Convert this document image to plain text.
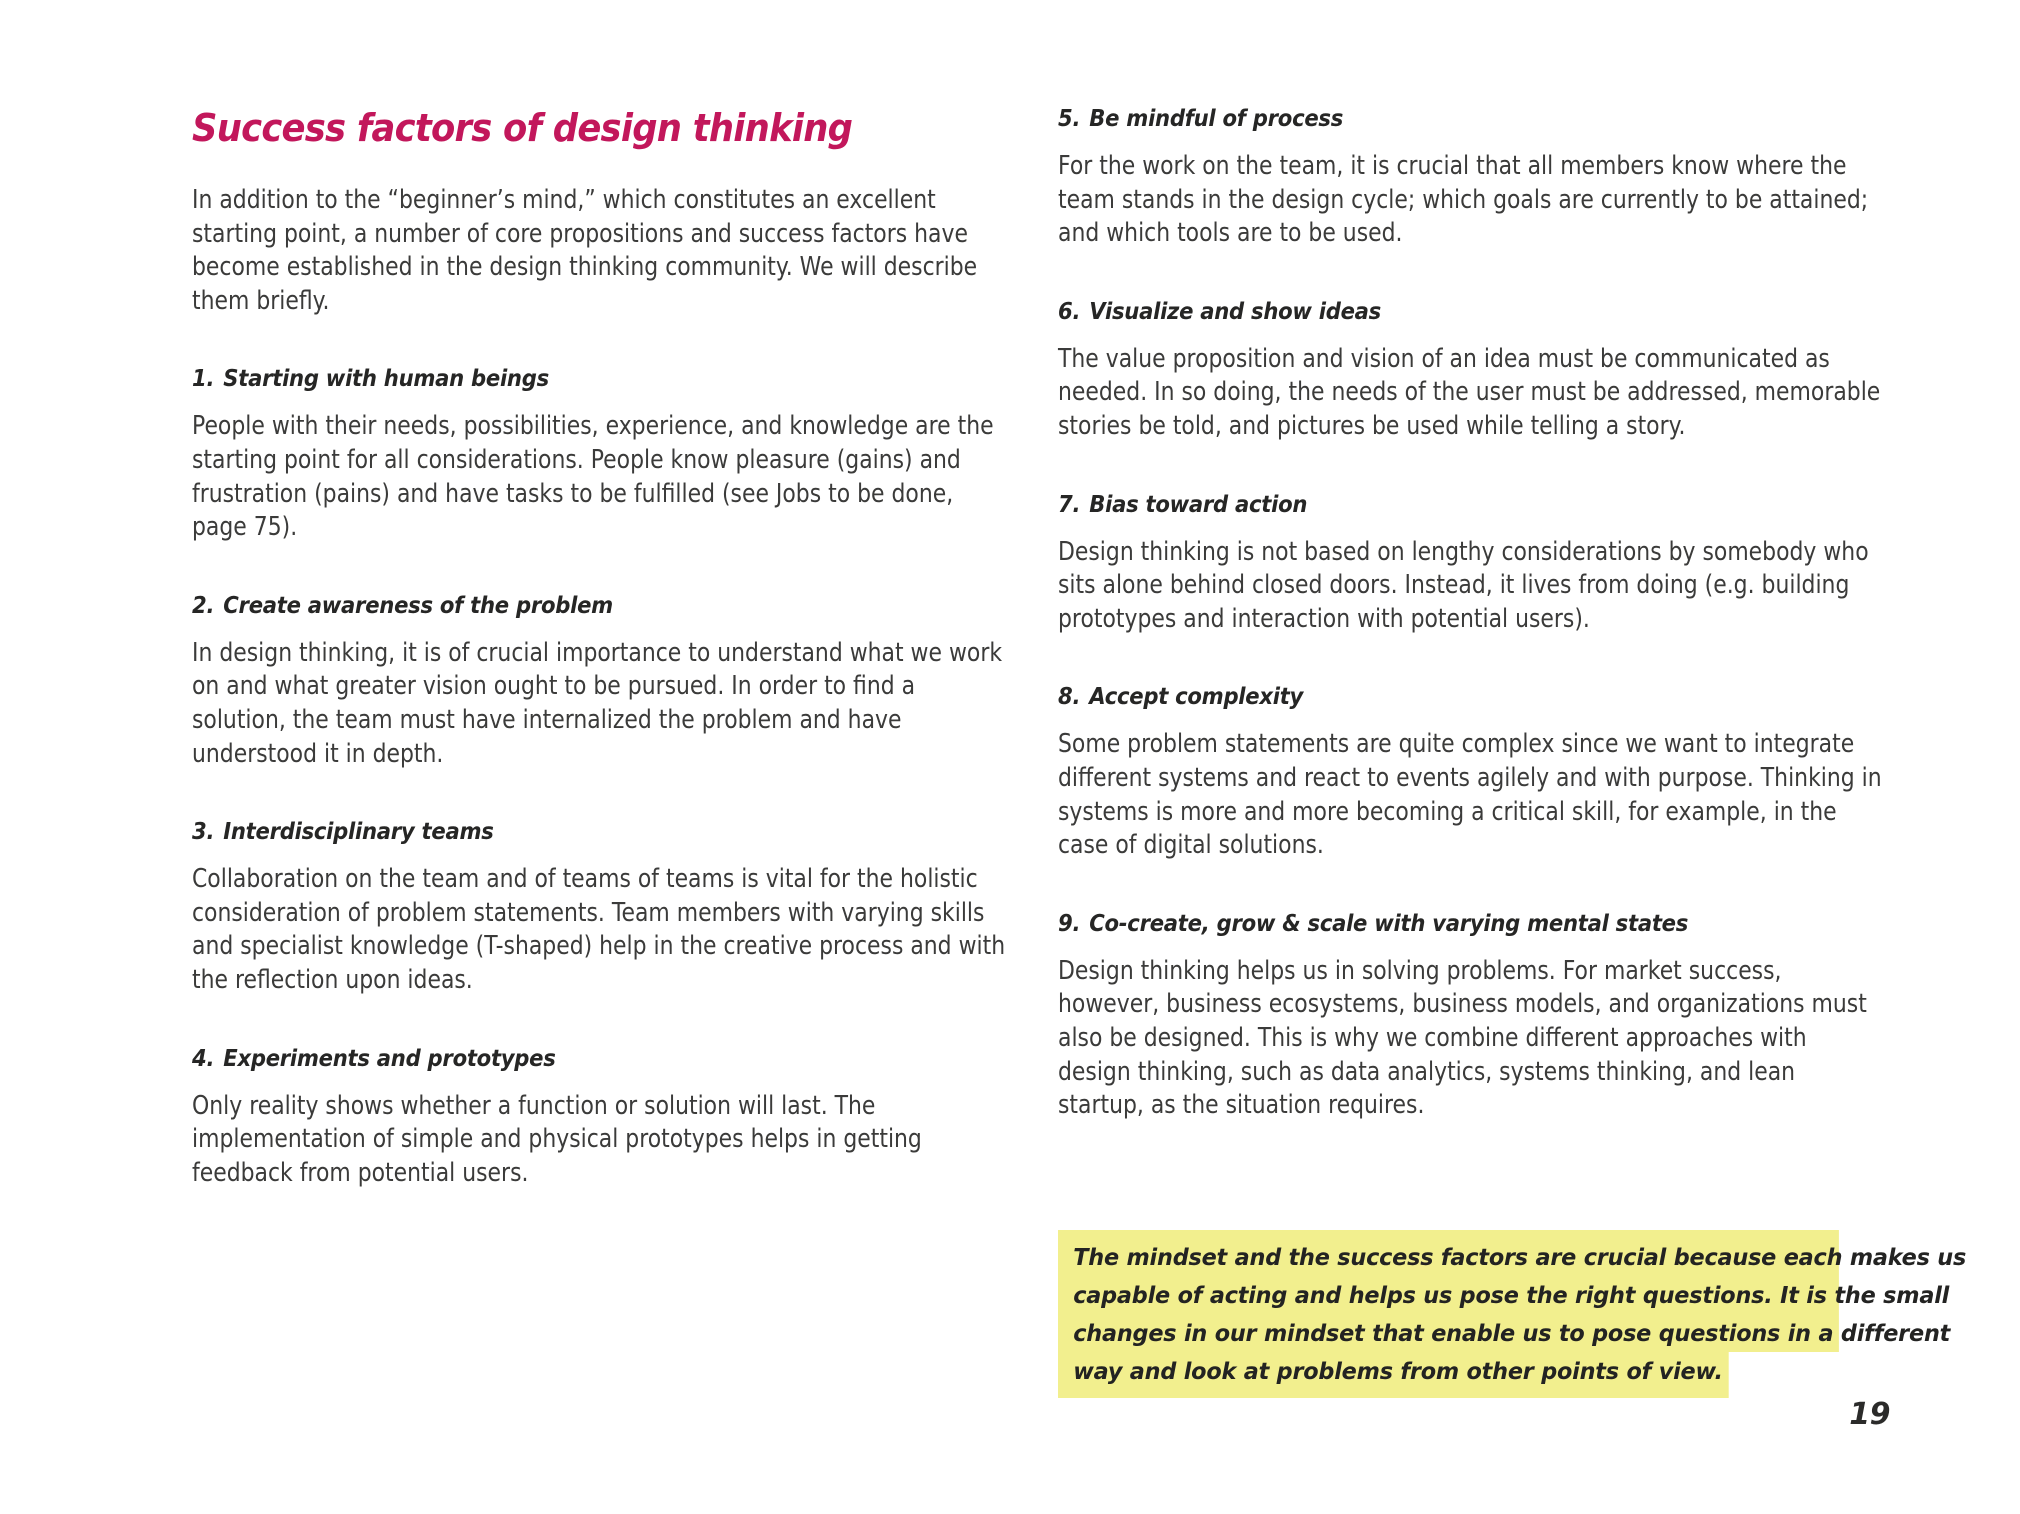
Success factors of design thinking

In addition to the “beginner’s mind,” which constitutes an excellent starting point, a number of core propositions and success factors have become established in the design thinking community. We will describe them briefly.

1. Starting with human beings

People with their needs, possibilities, experience, and knowledge are the starting point for all considerations. People know pleasure (gains) and frustration (pains) and have tasks to be fulfilled (see Jobs to be done, page 75).

2. Create awareness of the problem

In design thinking, it is of crucial importance to understand what we work on and what greater vision ought to be pursued. In order to find a solution, the team must have internalized the problem and have understood it in depth.

3. Interdisciplinary teams

Collaboration on the team and of teams of teams is vital for the holistic consideration of problem statements. Team members with varying skills and specialist knowledge (T-shaped) help in the creative process and with the reflection upon ideas.

4. Experiments and prototypes

Only reality shows whether a function or solution will last. The implementation of simple and physical prototypes helps in getting feedback from potential users.

5. Be mindful of process

For the work on the team, it is crucial that all members know where the team stands in the design cycle; which goals are currently to be attained; and which tools are to be used.

6. Visualize and show ideas

The value proposition and vision of an idea must be communicated as needed. In so doing, the needs of the user must be addressed, memorable stories be told, and pictures be used while telling a story.

7. Bias toward action

Design thinking is not based on lengthy considerations by somebody who sits alone behind closed doors. Instead, it lives from doing (e.g. building prototypes and interaction with potential users).

8. Accept complexity

Some problem statements are quite complex since we want to integrate different systems and react to events agilely and with purpose. Thinking in systems is more and more becoming a critical skill, for example, in the case of digital solutions.

9. Co-create, grow & scale with varying mental states

Design thinking helps us in solving problems. For market success, however, business ecosystems, business models, and organizations must also be designed. This is why we combine different approaches with design thinking, such as data analytics, systems thinking, and lean startup, as the situation requires.

The mindset and the success factors are crucial because each makes us
capable of acting and helps us pose the right questions. It is the small
changes in our mindset that enable us to pose questions in a different
way and look at problems from other points of view.
19
